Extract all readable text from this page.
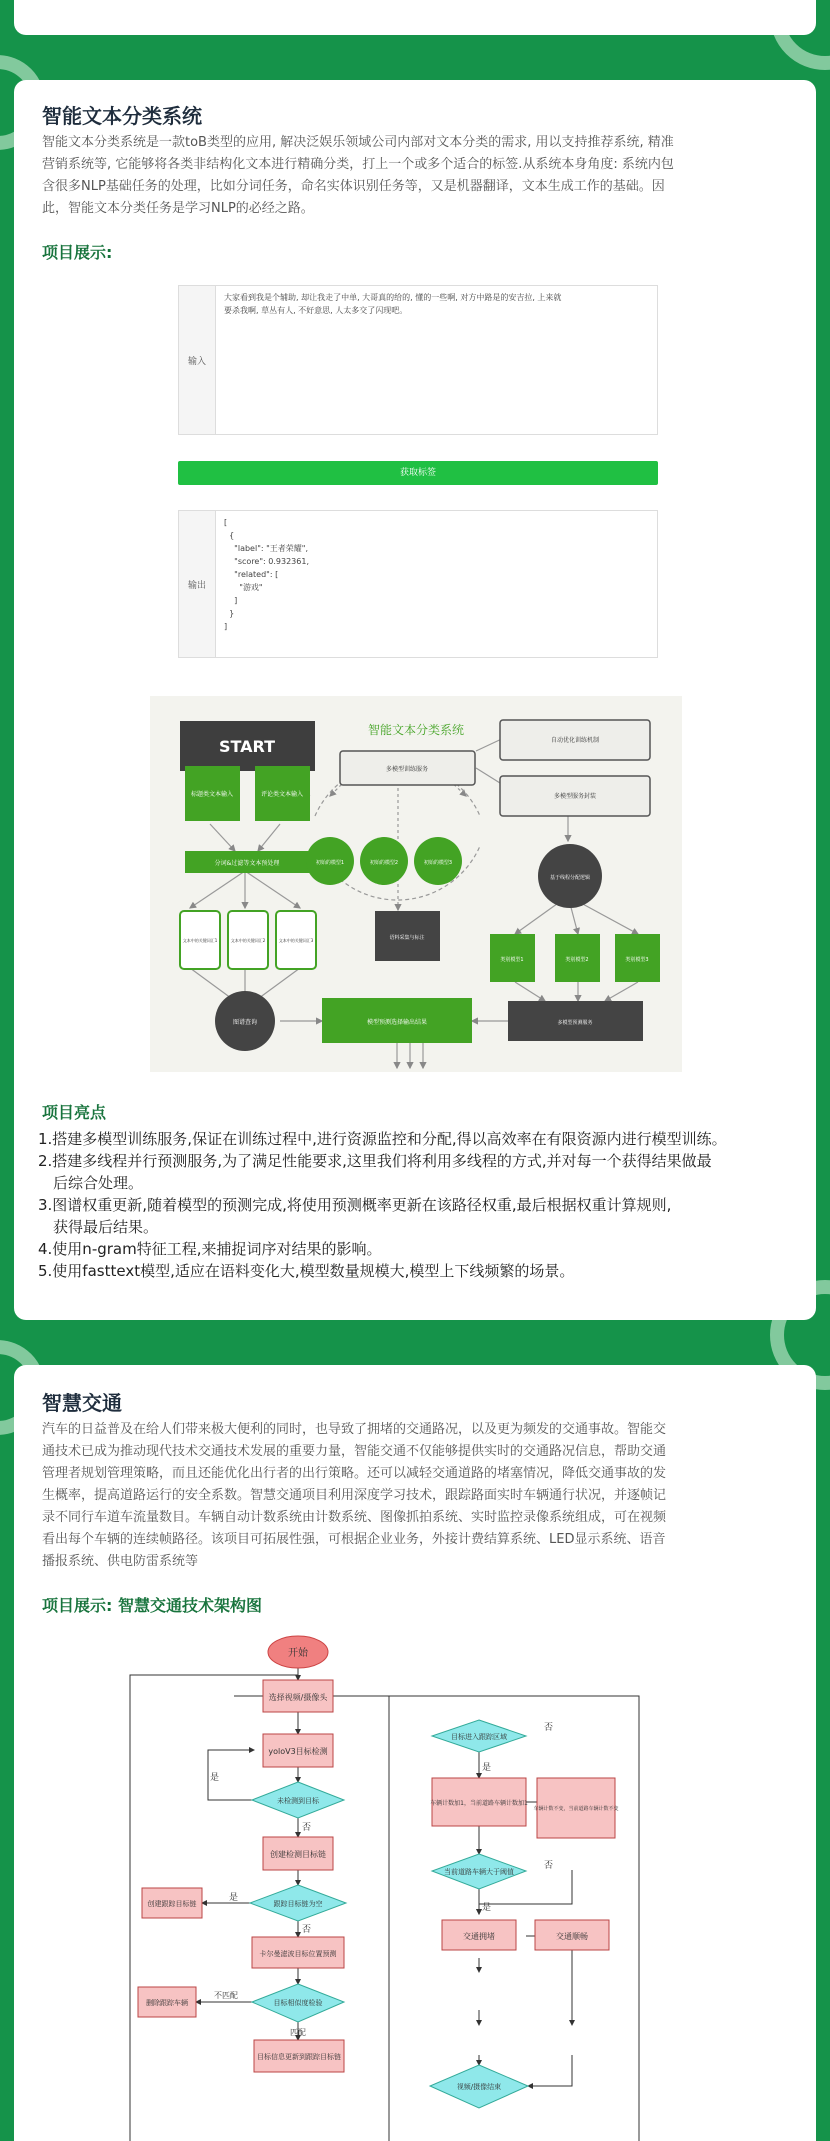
智能文本分类系统
智能文本分类系统是一款toB类型的应用, 解决泛娱乐领域公司内部对文本分类的需求, 用以支持推荐系统, 精准
营销系统等, 它能够将各类非结构化文本进行精确分类，打上一个或多个适合的标签.从系统本身角度: 系统内包
含很多NLP基础任务的处理，比如分词任务，命名实体识别任务等，又是机器翻译，文本生成工作的基础。因
此，智能文本分类任务是学习NLP的必经之路。
项目展示:
输入
大家看到我是个辅助, 却让我走了中单, 大哥真的给的, 懂的一些啊, 对方中路是的安吉拉, 上来就
要杀我啊, 草丛有人, 不好意思, 人太多交了闪现吧。
获取标签
输出
[
{
"label": "王者荣耀",
"score": 0.932361,
"related": [
"游戏"
]
}
]
START
智能文本分类系统
标题类文本输入	评论类文本输入
分词&过滤等文本预处理
文本中的关键词汇1	文本中的关键词汇2	文本中的关键词汇3
图谱查询	模型预测选择输出结果
多模型训练服务
初始的模型1	初始的模型2	初始的模型3
语料采集与标注
自动优化训练机制
多模型服务封装
基于线程分配逻辑
类别模型1	类别模型2	类别模型3
多模型预测服务
项目亮点
1.搭建多模型训练服务,保证在训练过程中,进行资源监控和分配,得以高效率在有限资源内进行模型训练。
2.搭建多线程并行预测服务,为了满足性能要求,这里我们将利用多线程的方式,并对每一个获得结果做最
后综合处理。
3.图谱权重更新,随着模型的预测完成,将使用预测概率更新在该路径权重,最后根据权重计算规则,
获得最后结果。
4.使用n-gram特征工程,来捕捉词序对结果的影响。
5.使用fasttext模型,适应在语料变化大,模型数量规模大,模型上下线频繁的场景。
智慧交通
汽车的日益普及在给人们带来极大便利的同时，也导致了拥堵的交通路况，以及更为频发的交通事故。智能交
通技术已成为推动现代技术交通技术发展的重要力量，智能交通不仅能够提供实时的交通路况信息，帮助交通
管理者规划管理策略，而且还能优化出行者的出行策略。还可以减轻交通道路的堵塞情况，降低交通事故的发
生概率，提高道路运行的安全系数。智慧交通项目利用深度学习技术，跟踪路面实时车辆通行状况，并逐帧记
录不同行车道车流量数目。车辆自动计数系统由计数系统、图像抓拍系统、实时监控录像系统组成，可在视频
看出每个车辆的连续帧路径。该项目可拓展性强，可根据企业业务，外接计费结算系统、LED显示系统、语音
播报系统、供电防雷系统等
项目展示: 智慧交通技术架构图
开始
选择视频/摄像头
yoloV3目标检测
未检测到目标
是
否
创建检测目标链
跟踪目标链为空
是
否
创建跟踪目标链
卡尔曼滤波目标位置预测
目标相似度检验
不匹配
匹配
删除跟踪车辆
目标信息更新到跟踪目标链
目标进入跟踪区域
否
是
车辆计数加1，当前道路车辆计数加1
车辆计数不变，当前道路车辆计数不变
当前道路车辆大于阈值
否
是
交通拥堵	交通顺畅
视频/摄像结束
